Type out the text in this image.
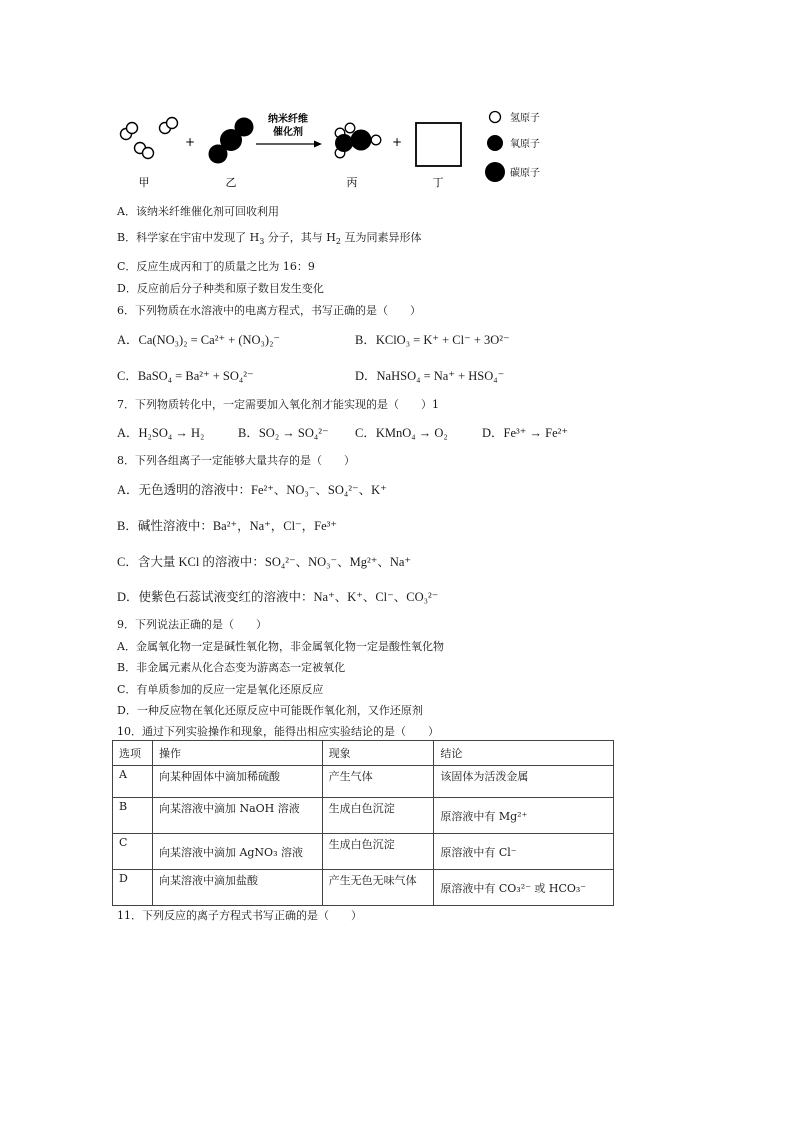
甲
+
乙
纳米纤维
催化剂
丙
+
丁
氢原子
氧原子
碳原子
A．该纳米纤维催化剂可回收利用
B．科学家在宇宙中发现了 $H_3$ 分子，其与 $H_2$ 互为同素异形体
C．反应生成丙和丁的质量之比为 16：9
D．反应前后分子种类和原子数目发生变化
6．下列物质在水溶液中的电离方程式，书写正确的是（　　）
A．Ca(NO₃)₂ = Ca²⁺ + (NO₃)₂⁻	B．KClO₃ = K⁺ + Cl⁻ + 3O²⁻
C．BaSO₄ = Ba²⁺ + SO₄²⁻	D．NaHSO₄ = Na⁺ + HSO₄⁻
7．下列物质转化中，一定需要加入氧化剂才能实现的是（　　）1
A．H₂SO₄ → H₂	B．SO₂ → SO₄²⁻ C．KMnO₄ → O₂	D．Fe³⁺ → Fe²⁺
8．下列各组离子一定能够大量共存的是（　　）
A．无色透明的溶液中：Fe²⁺、NO₃⁻、SO₄²⁻、K⁺
B．碱性溶液中：Ba²⁺，Na⁺，Cl⁻，Fe³⁺
C．含大量 KCl 的溶液中：SO₄²⁻、NO₃⁻、Mg²⁺、Na⁺
D．使紫色石蕊试液变红的溶液中：Na⁺、K⁺、Cl⁻、CO₃²⁻
9．下列说法正确的是（　　）
A．金属氧化物一定是碱性氧化物，非金属氧化物一定是酸性氧化物
B．非金属元素从化合态变为游离态一定被氧化
C．有单质参加的反应一定是氧化还原反应
D．一种反应物在氧化还原反应中可能既作氧化剂，又作还原剂
10．通过下列实验操作和现象，能得出相应实验结论的是（　　）
选项	操作	现象	结论
A	向某种固体中滴加稀硫酸	产生气体	该固体为活泼金属
B	向某溶液中滴加 NaOH 溶液	生成白色沉淀	原溶液中有 Mg²⁺
C	向某溶液中滴加 AgNO₃ 溶液	生成白色沉淀	原溶液中有 Cl⁻
D	向某溶液中滴加盐酸	产生无色无味气体	原溶液中有 CO₃²⁻ 或 HCO₃⁻
11．下列反应的离子方程式书写正确的是（　　）
